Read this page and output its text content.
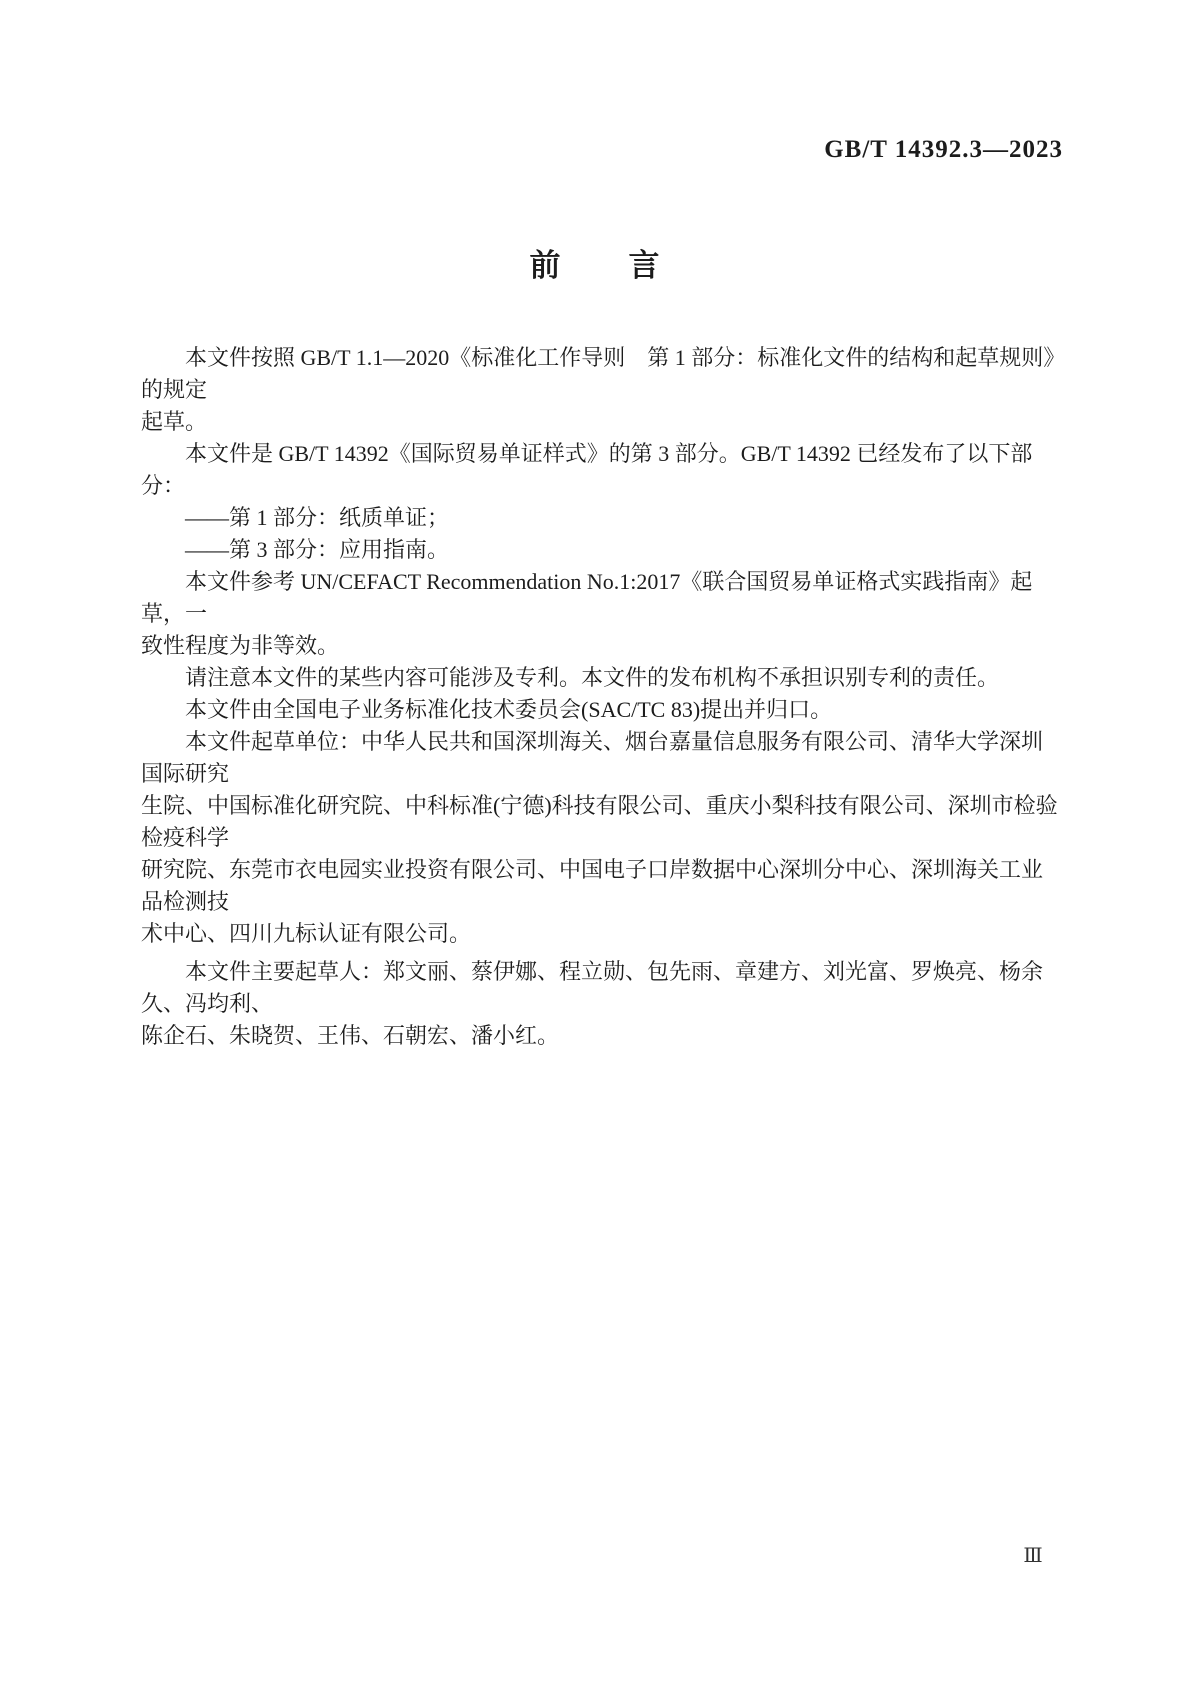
GB/T 14392.3—2023
前　　言
本文件按照 GB/T 1.1—2020《标准化工作导则　第 1 部分：标准化文件的结构和起草规则》的规定
起草。
本文件是 GB/T 14392《国际贸易单证样式》的第 3 部分。GB/T 14392 已经发布了以下部分：
——第 1 部分：纸质单证；
——第 3 部分：应用指南。
本文件参考 UN/CEFACT Recommendation No.1:2017《联合国贸易单证格式实践指南》起草，一
致性程度为非等效。
请注意本文件的某些内容可能涉及专利。本文件的发布机构不承担识别专利的责任。
本文件由全国电子业务标准化技术委员会(SAC/TC 83)提出并归口。
本文件起草单位：中华人民共和国深圳海关、烟台嘉量信息服务有限公司、清华大学深圳国际研究
生院、中国标准化研究院、中科标准(宁德)科技有限公司、重庆小梨科技有限公司、深圳市检验检疫科学
研究院、东莞市衣电园实业投资有限公司、中国电子口岸数据中心深圳分中心、深圳海关工业品检测技
术中心、四川九标认证有限公司。
本文件主要起草人：郑文丽、蔡伊娜、程立勋、包先雨、章建方、刘光富、罗焕亮、杨余久、冯均利、
陈企石、朱晓贺、王伟、石朝宏、潘小红。
Ⅲ
